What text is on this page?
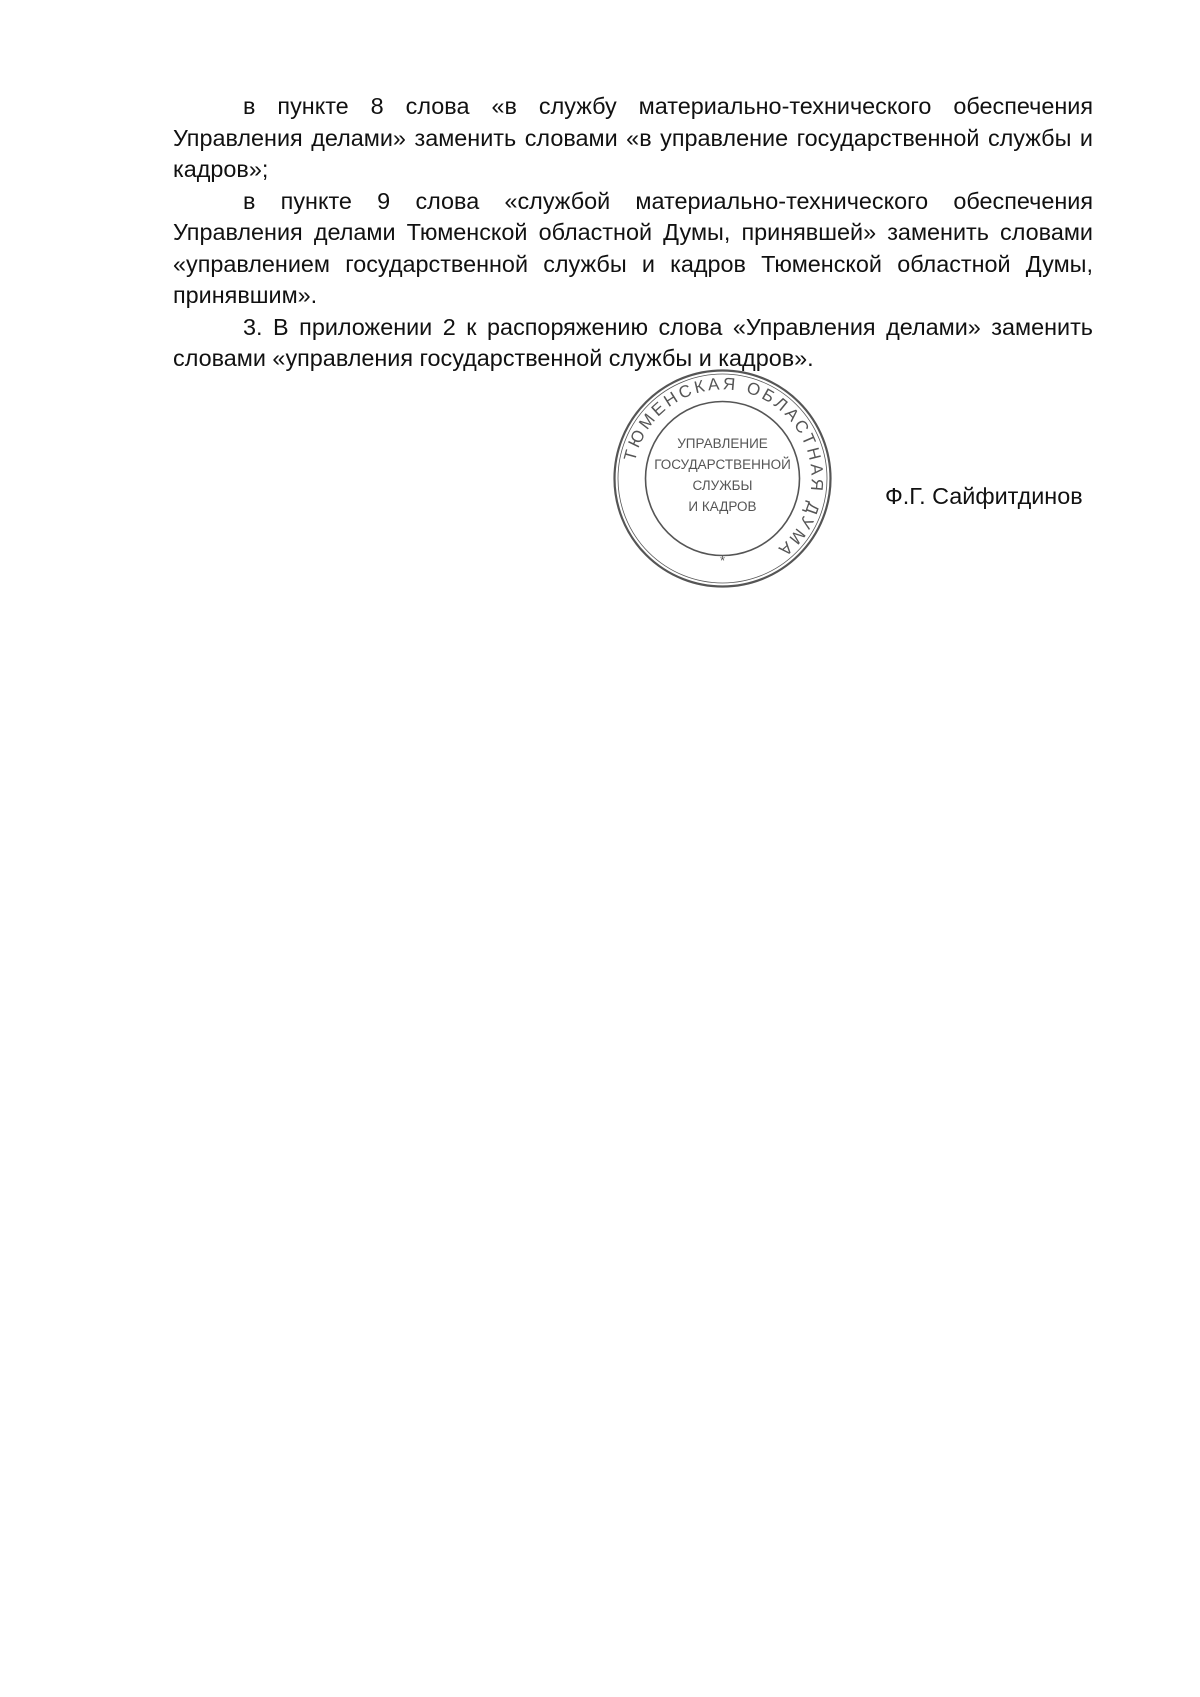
в пункте 8 слова «в службу материально-технического обеспечения Управления делами» заменить словами «в управление государственной службы и кадров»;

в пункте 9 слова «службой материально-технического обеспечения Управления делами Тюменской областной Думы, принявшей» заменить словами «управлением государственной службы и кадров Тюменской областной Думы, принявшим».

3. В приложении 2 к распоряжению слова «Управления делами» заменить словами «управления государственной службы и кадров».

ТЮМЕНСКАЯ ОБЛАСТНАЯ ДУМА
УПРАВЛЕНИЕ
ГОСУДАРСТВЕННОЙ
СЛУЖБЫ
И КАДРОВ
*
Ф.Г. Сайфитдинов
